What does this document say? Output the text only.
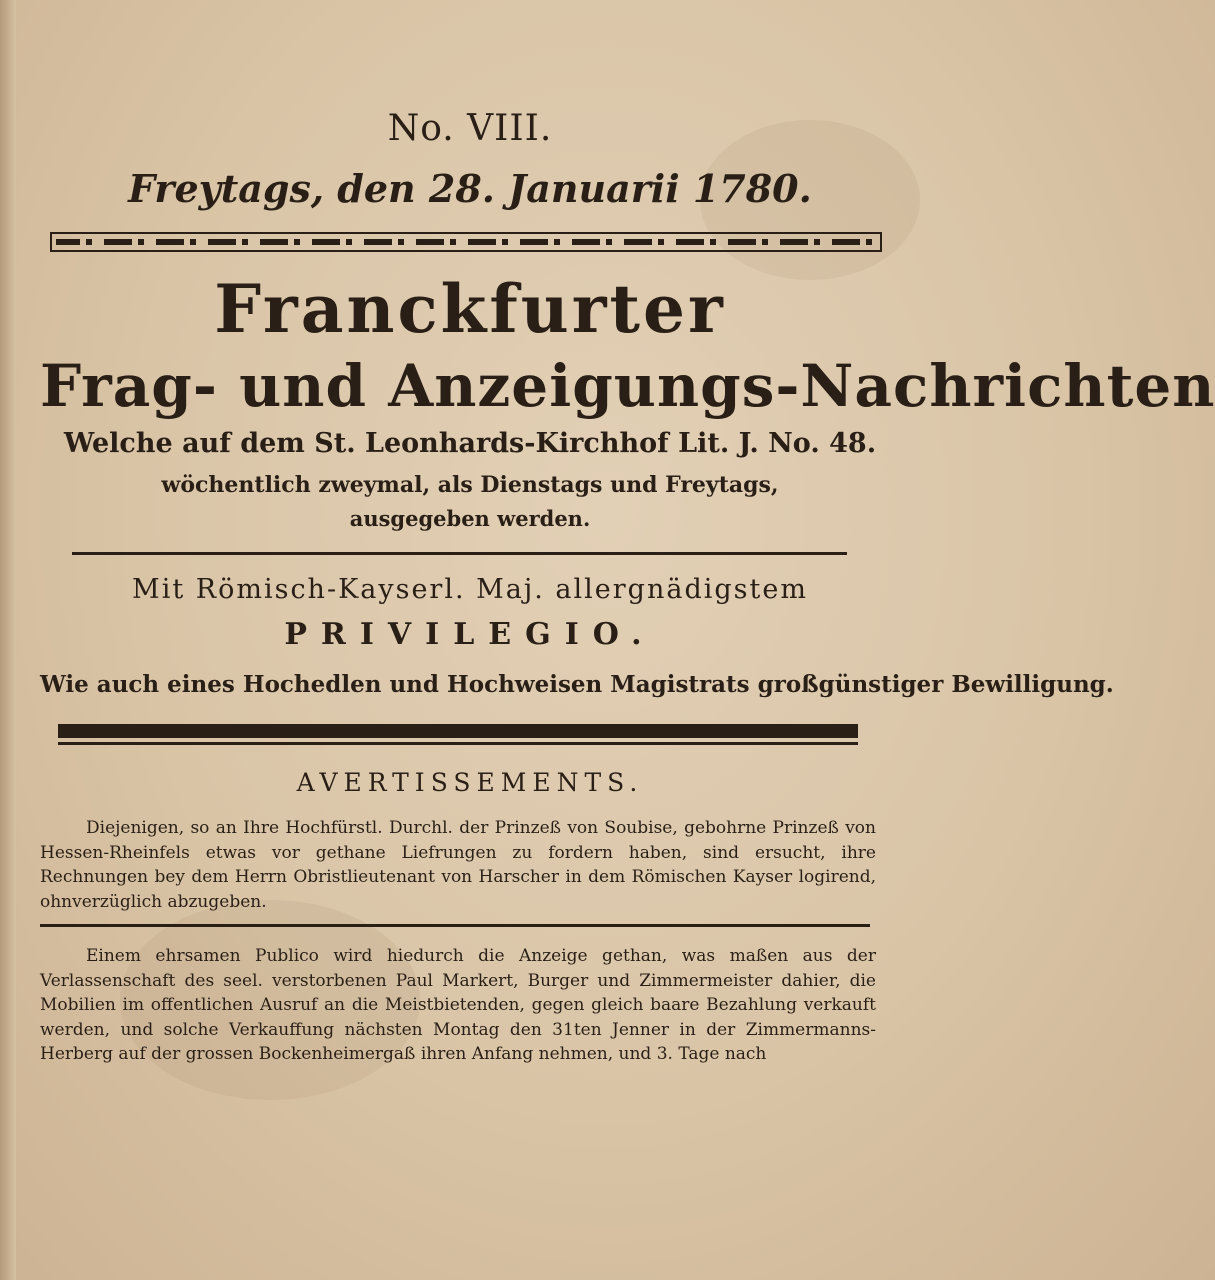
No. VIII.
Freytags, den 28. Januarii 1780.
Franckfurter
Frag- und Anzeigungs-Nachrichten
Welche auf dem St. Leonhards-Kirchhof Lit. J. No. 48.
wöchentlich zweymal, als Dienstags und Freytags,
ausgegeben werden.
Mit Römisch-Kayserl. Maj. allergnädigstem
PRIVILEGIO.
Wie auch eines Hochedlen und Hochweisen Magistrats großgünstiger Bewilligung.
AVERTISSEMENTS.
Diejenigen, so an Ihre Hochfürstl. Durchl. der Prinzeß von Soubise, gebohrne Prinzeß von Hessen-Rheinfels etwas vor gethane Liefrungen zu fordern haben, sind ersucht, ihre Rechnungen bey dem Herrn Obristlieutenant von Harscher in dem Römischen Kayser logirend, ohnverzüglich abzugeben.
Einem ehrsamen Publico wird hiedurch die Anzeige gethan, was maßen aus der Verlassenschaft des seel. verstorbenen Paul Markert, Burger und Zimmermeister dahier, die Mobilien im offentlichen Ausruf an die Meistbietenden, gegen gleich baare Bezahlung verkauft werden, und solche Verkauffung nächsten Montag den 31ten Jenner in der Zimmermanns-Herberg auf der grossen Bockenheimergaß ihren Anfang nehmen, und 3. Tage nach
